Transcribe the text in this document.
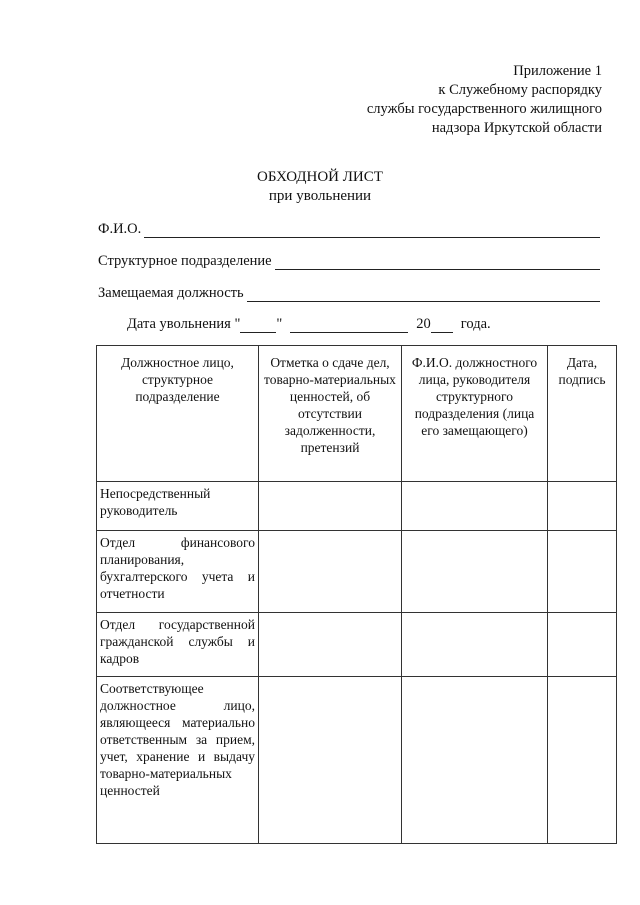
Приложение 1
к Служебному распорядку
службы государственного жилищного
надзора Иркутской области
ОБХОДНОЙ ЛИСТ
при увольнении
Ф.И.О.
Структурное подразделение
Замещаемая должность
Дата увольнения " "	20 года.
Должностное лицо, структурное подразделение	Отметка о сдаче дел, товарно-материальных ценностей, об отсутствии задолженности, претензий	Ф.И.О. должностного лица, руководителя структурного подразделения (лица его замещающего)	Дата, подпись
Непосредственный руководитель			
Отдел финансового планирования, бухгалтерского учета и отчетности			
Отдел государственной гражданской службы и кадров			
Соответствующее должностное лицо, являющееся материально ответственным за прием, учет, хранение и выдачу товарно-материальных ценностей			
